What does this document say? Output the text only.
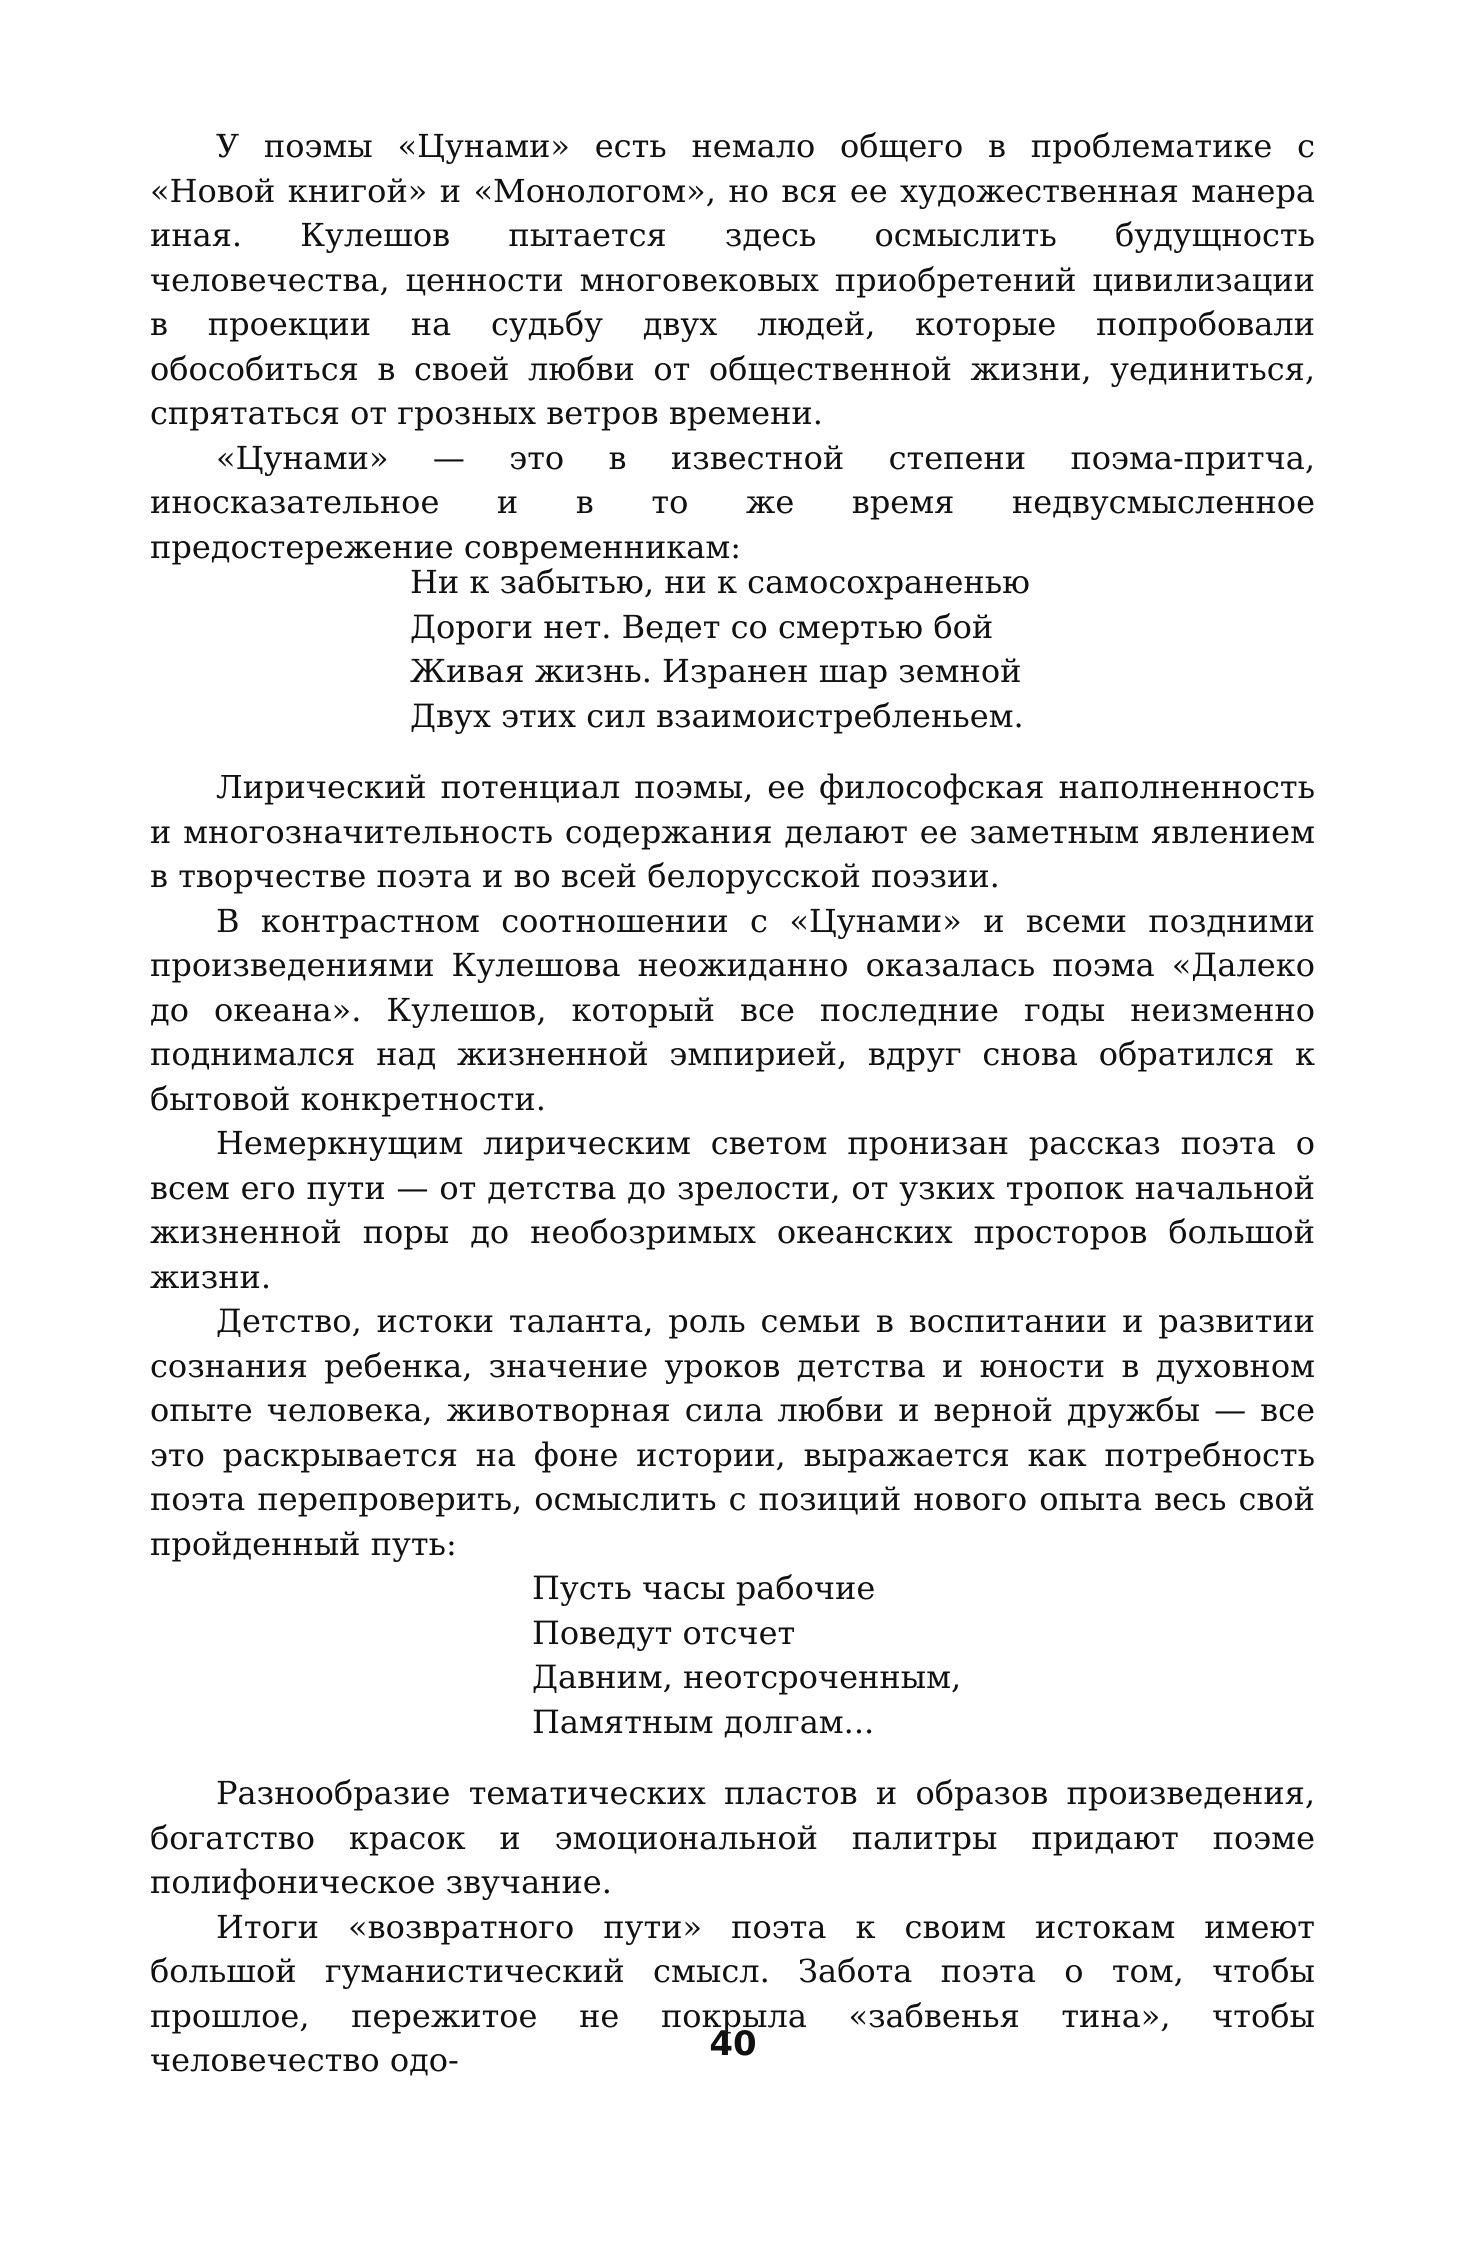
У поэмы «Цунами» есть немало общего в проблематике с «Новой книгой» и «Монологом», но вся ее художественная манера иная. Кулешов пытается здесь осмыслить будущность человечества, ценности многовековых приобретений цивилизации в проекции на судьбу двух людей, которые попробовали обособиться в своей любви от общественной жизни, уединиться, спрятаться от грозных ветров времени.

«Цунами» — это в известной степени поэма-притча, иносказательное и в то же время недвусмысленное предостережение современникам:

Ни к забытью, ни к самосохраненью
Дороги нет. Ведет со смертью бой
Живая жизнь. Изранен шар земной
Двух этих сил взаимоистребленьем.

Лирический потенциал поэмы, ее философская наполненность и многозначительность содержания делают ее заметным явлением в творчестве поэта и во всей белорусской поэзии.

В контрастном соотношении с «Цунами» и всеми поздними произведениями Кулешова неожиданно оказалась поэма «Далеко до океана». Кулешов, который все последние годы неизменно поднимался над жизненной эмпирией, вдруг снова обратился к бытовой конкретности.

Немеркнущим лирическим светом пронизан рассказ поэта о всем его пути — от детства до зрелости, от узких тропок начальной жизненной поры до необозримых океанских просторов большой жизни.

Детство, истоки таланта, роль семьи в воспитании и развитии сознания ребенка, значение уроков детства и юности в духовном опыте человека, животворная сила любви и верной дружбы — все это раскрывается на фоне истории, выражается как потребность поэта перепроверить, осмыслить с позиций нового опыта весь свой пройденный путь:

Пусть часы рабочие
Поведут отсчет
Давним, неотсроченным,
Памятным долгам...

Разнообразие тематических пластов и образов произведения, богатство красок и эмоциональной палитры придают поэме полифоническое звучание.

Итоги «возвратного пути» поэта к своим истокам имеют большой гуманистический смысл. Забота поэта о том, чтобы прошлое, пережитое не покрыла «забвенья тина», чтобы человечество одо-	40
